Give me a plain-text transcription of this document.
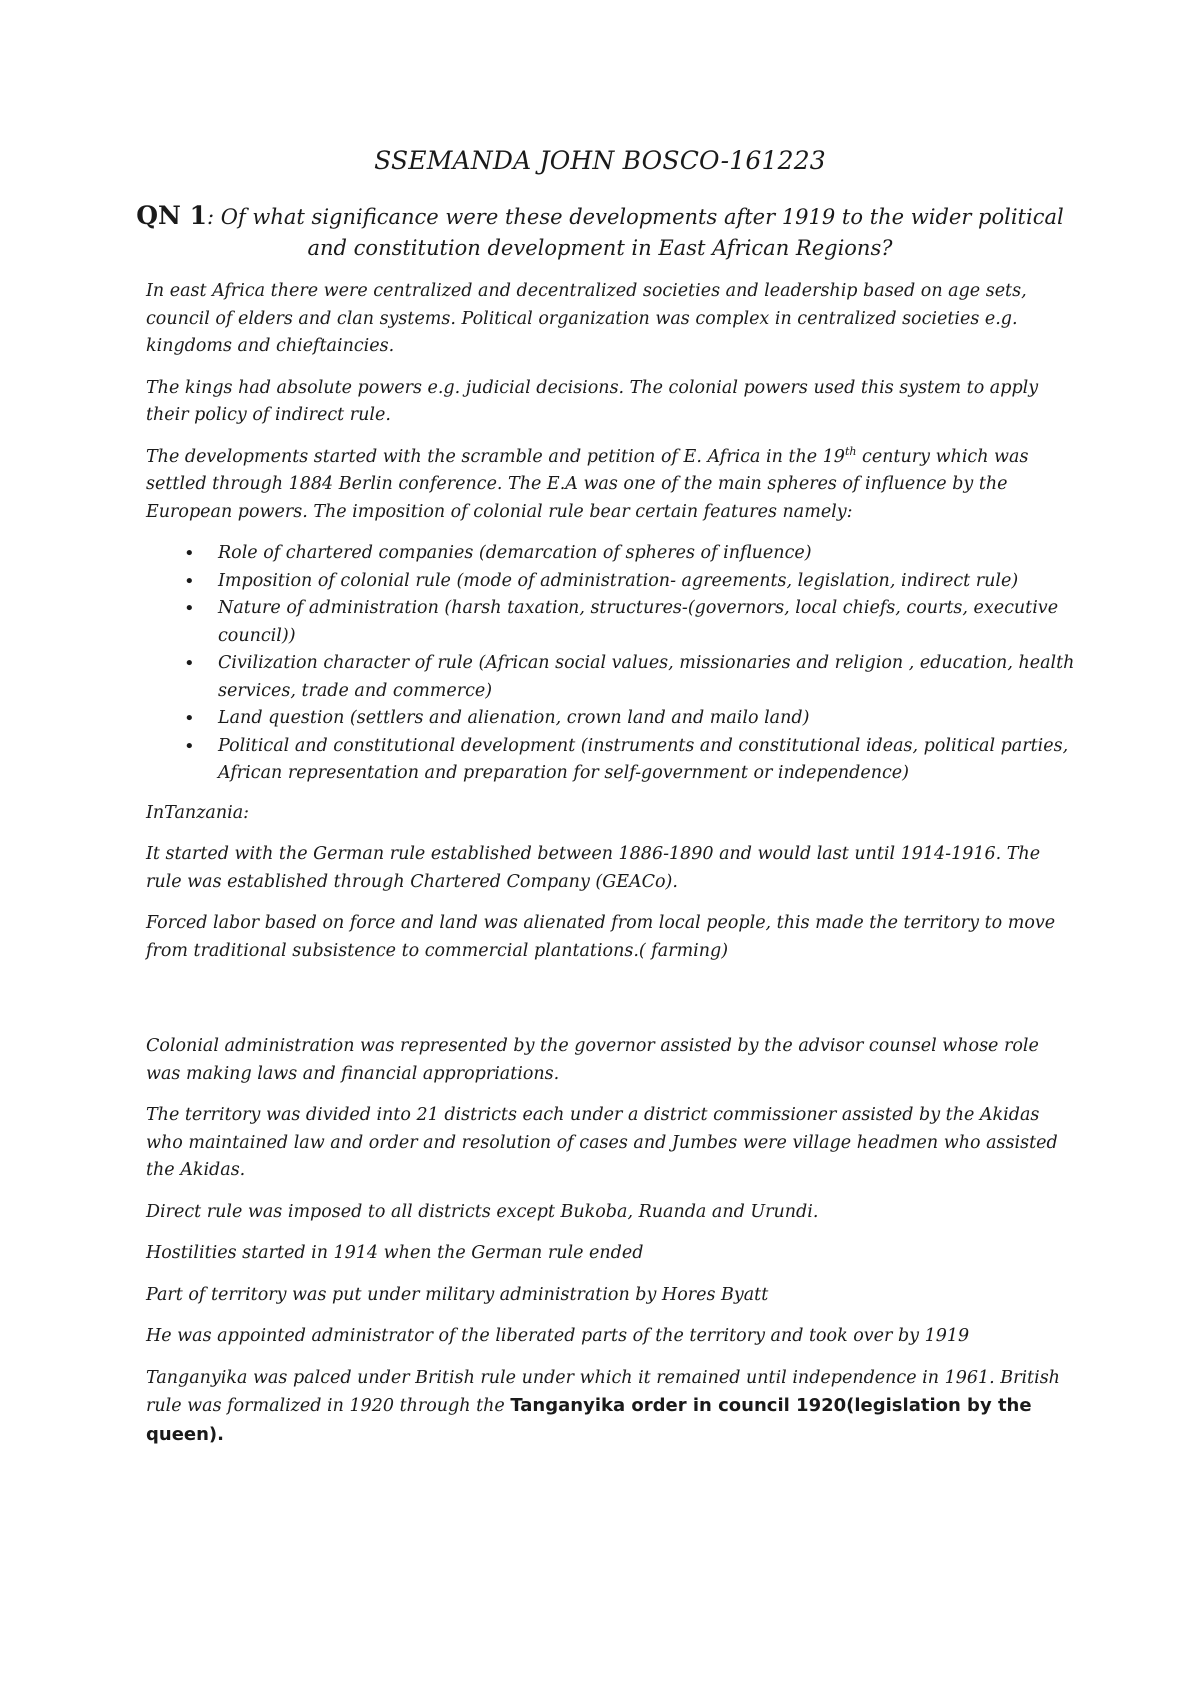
SSEMANDA JOHN BOSCO-161223
QN 1: Of what significance were these developments after 1919 to the wider political and constitution development in East African Regions?

In east Africa there were centralized and decentralized societies and leadership based on age sets, council of elders and clan systems. Political organization was complex in centralized societies e.g. kingdoms and chieftaincies.

The kings had absolute powers e.g. judicial decisions. The colonial powers used this system to apply their policy of indirect rule.

The developments started with the scramble and petition of E. Africa in the 19th century which was settled through 1884 Berlin conference. The E.A was one of the main spheres of influence by the European powers. The imposition of colonial rule bear certain features namely:

• Role of chartered companies (demarcation of spheres of influence)
• Imposition of colonial rule (mode of administration- agreements, legislation, indirect rule)
• Nature of administration (harsh taxation, structures-(governors, local chiefs, courts, executive council))
• Civilization character of rule (African social values, missionaries and religion , education, health services, trade and commerce)
• Land question (settlers and alienation, crown land and mailo land)
• Political and constitutional development (instruments and constitutional ideas, political parties, African representation and preparation for self-government or independence)

InTanzania:

It started with the German rule established between 1886-1890 and would last until 1914-1916. The rule was established through Chartered Company (GEACo).

Forced labor based on force and land was alienated from local people, this made the territory to move from traditional subsistence to commercial plantations.( farming)

Colonial administration was represented by the governor assisted by the advisor counsel whose role was making laws and financial appropriations.

The territory was divided into 21 districts each under a district commissioner assisted by the Akidas who maintained law and order and resolution of cases and Jumbes were village headmen who assisted the Akidas.

Direct rule was imposed to all districts except Bukoba, Ruanda and Urundi.

Hostilities started in 1914 when the German rule ended

Part of territory was put under military administration by Hores Byatt

He was appointed administrator of the liberated parts of the territory and took over by 1919

Tanganyika was palced under British rule under which it remained until independence in 1961. British rule was formalized in 1920 through the Tanganyika order in council 1920(legislation by the queen).
